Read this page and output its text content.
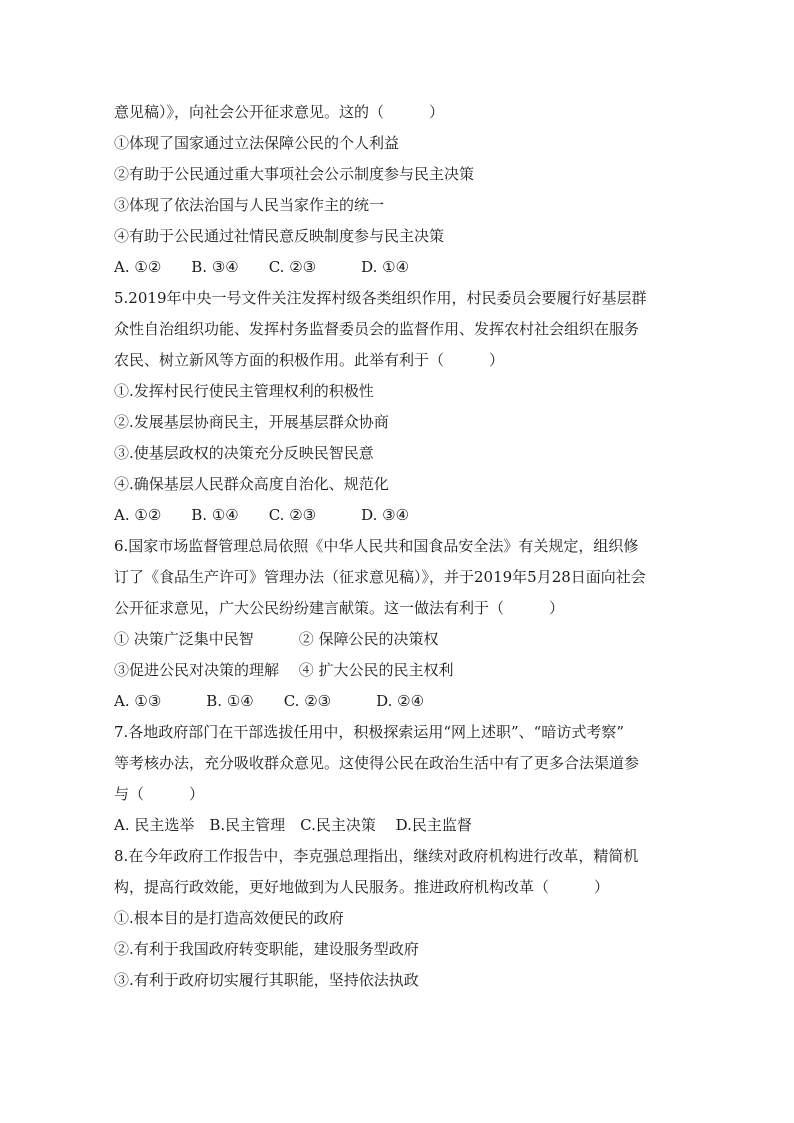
意见稿）》，向社会公开征求意见。这的（　　　）
①体现了国家通过立法保障公民的个人利益
②有助于公民通过重大事项社会公示制度参与民主决策
③体现了依法治国与人民当家作主的统一
④有助于公民通过社情民意反映制度参与民主决策
A. ①②　　B. ③④　　C. ②③　　　D. ①④
5.2019年中央一号文件关注发挥村级各类组织作用，村民委员会要履行好基层群
众性自治组织功能、发挥村务监督委员会的监督作用、发挥农村社会组织在服务
农民、树立新风等方面的积极作用。此举有利于（　　　）
①.发挥村民行使民主管理权利的积极性
②.发展基层协商民主，开展基层群众协商
③.使基层政权的决策充分反映民智民意
④.确保基层人民群众高度自治化、规范化
A. ①②　　B. ①④　　C. ②③　　　D. ③④
6.国家市场监督管理总局依照《中华人民共和国食品安全法》有关规定，组织修
订了《食品生产许可》管理办法（征求意见稿）》，并于2019年5月28日面向社会
公开征求意见，广大公民纷纷建言献策。这一做法有利于（　　　）
① 决策广泛集中民智　　　② 保障公民的决策权
③促进公民对决策的理解　 ④ 扩大公民的民主权利
A. ①③　　　B. ①④　　C. ②③　　　D. ②④
7.各地政府部门在干部选拔任用中，积极探索运用“网上述职”、“暗访式考察”
等考核办法，充分吸收群众意见。这使得公民在政治生活中有了更多合法渠道参
与（　　　）
A. 民主选举　B.民主管理　C.民主决策　 D.民主监督
8.在今年政府工作报告中，李克强总理指出，继续对政府机构进行改革，精简机
构，提高行政效能，更好地做到为人民服务。推进政府机构改革（　　　）
①.根本目的是打造高效便民的政府
②.有利于我国政府转变职能，建设服务型政府
③.有利于政府切实履行其职能，坚持依法执政
